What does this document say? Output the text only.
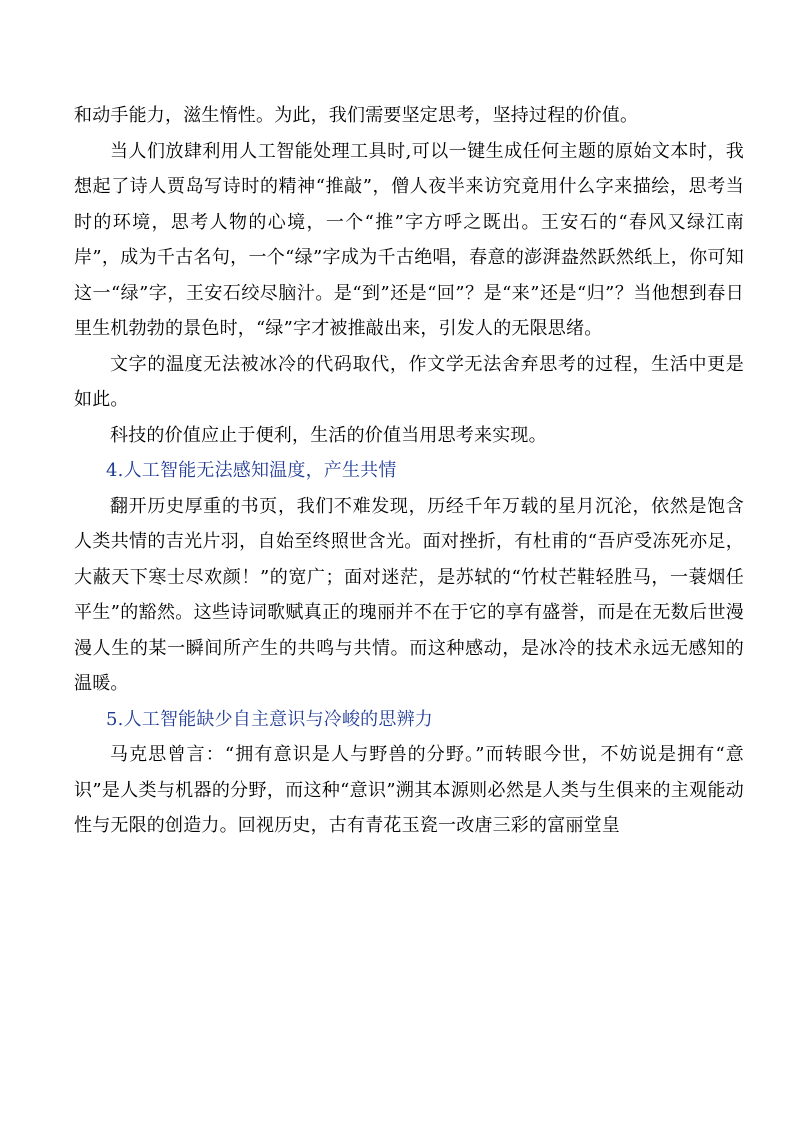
和动手能力，滋生惰性。为此，我们需要坚定思考，坚持过程的价值。

当人们放肆利用人工智能处理工具时,可以一键生成任何主题的原始文本时，我想起了诗人贾岛写诗时的精神“推敲”，僧人夜半来访究竟用什么字来描绘，思考当时的环境，思考人物的心境，一个“推”字方呼之既出。王安石的“春风又绿江南岸”，成为千古名句，一个“绿”字成为千古绝唱，春意的澎湃盎然跃然纸上，你可知这一“绿”字，王安石绞尽脑汁。是“到”还是“回”？是“来”还是“归”？当他想到春日里生机勃勃的景色时，“绿”字才被推敲出来，引发人的无限思绪。

文字的温度无法被冰冷的代码取代，作文学无法舍弃思考的过程，生活中更是如此。

科技的价值应止于便利，生活的价值当用思考来实现。

4.人工智能无法感知温度，产生共情

翻开历史厚重的书页，我们不难发现，历经千年万载的星月沉沦，依然是饱含人类共情的吉光片羽，自始至终照世含光。面对挫折，有杜甫的“吾庐受冻死亦足，大蔽天下寒士尽欢颜！”的宽广；面对迷茫，是苏轼的“竹杖芒鞋轻胜马，一蓑烟任平生”的豁然。这些诗词歌赋真正的瑰丽并不在于它的享有盛誉，而是在无数后世漫漫人生的某一瞬间所产生的共鸣与共情。而这种感动，是冰冷的技术永远无感知的温暖。

5.人工智能缺少自主意识与冷峻的思辨力

马克思曾言：“拥有意识是人与野兽的分野。”而转眼今世，不妨说是拥有“意识”是人类与机器的分野，而这种“意识”溯其本源则必然是人类与生俱来的主观能动性与无限的创造力。回视历史，古有青花玉瓷一改唐三彩的富丽堂皇
